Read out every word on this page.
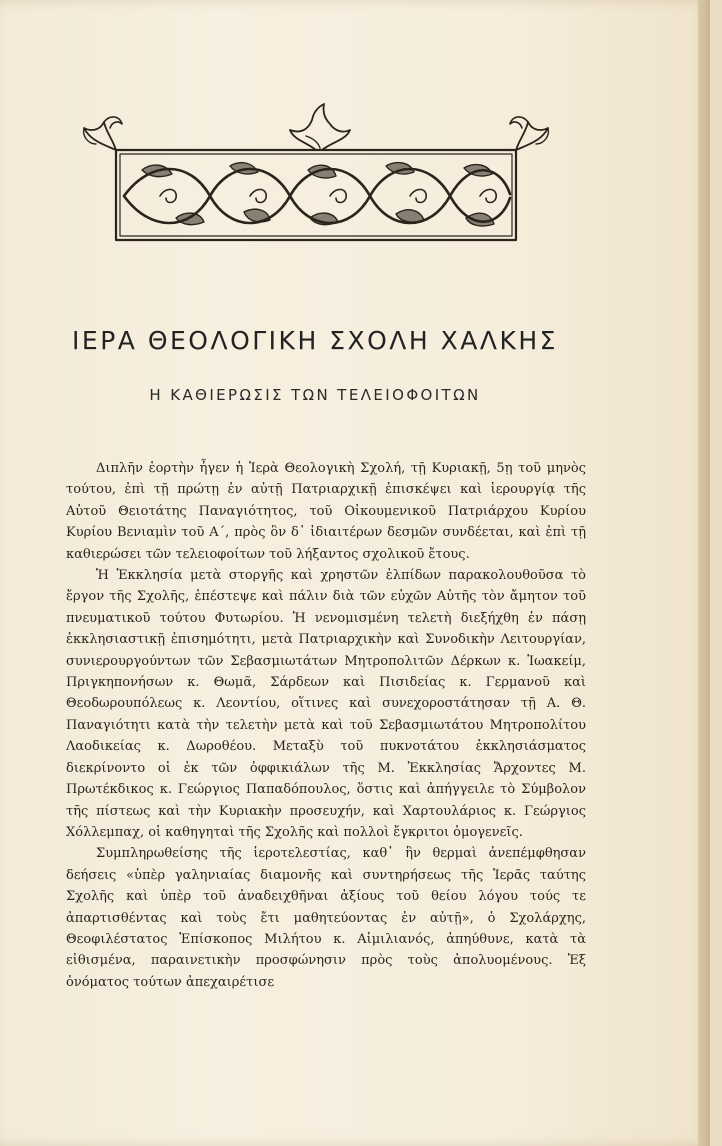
ΙΕΡΑ ΘΕΟΛΟΓΙΚΗ ΣΧΟΛΗ ΧΑΛΚΗΣ
Η ΚΑΘΙΕΡΩΣΙΣ ΤΩΝ ΤΕΛΕΙΟΦΟΙΤΩΝ

Διπλῆν ἑορτὴν ἦγεν ἡ Ἱερὰ Θεολογικὴ Σχολή, τῇ Κυριακῇ, 5ῃ τοῦ μηνὸς τούτου, ἐπὶ τῇ πρώτῃ ἐν αὐτῇ Πατριαρχικῇ ἐπισκέψει καὶ ἱερουργίᾳ τῆς Αὐτοῦ Θειοτάτης Παναγιότητος, τοῦ Οἰκουμενικοῦ Πατριάρχου Κυρίου Κυρίου Βενιαμὶν τοῦ Α΄, πρὸς ὃν δ᾽ ἰδιαιτέρων δεσμῶν συνδέεται, καὶ ἐπὶ τῇ καθιερώσει τῶν τελειοφοίτων τοῦ λήξαντος σχολικοῦ ἔτους.

Ἡ Ἐκκλησία μετὰ στοργῆς καὶ χρηστῶν ἐλπίδων παρακολουθοῦσα τὸ ἔργον τῆς Σχολῆς, ἐπέστεψε καὶ πάλιν διὰ τῶν εὐχῶν Αὐτῆς τὸν ἄμητον τοῦ πνευματικοῦ τούτου Φυτωρίου. Ἡ νενομισμένη τελετὴ διεξήχθη ἐν πάσῃ ἐκκλησιαστικῇ ἐπισημότητι, μετὰ Πατριαρχικὴν καὶ Συνοδικὴν Λειτουργίαν, συνιερουργούντων τῶν Σεβασμιωτάτων Μητροπολιτῶν Δέρκων κ. Ἰωακείμ, Πριγκηπονήσων κ. Θωμᾶ, Σάρδεων καὶ Πισιδείας κ. Γερμανοῦ καὶ Θεοδωρουπόλεως κ. Λεοντίου, οἵτινες καὶ συνεχοροστάτησαν τῇ Α. Θ. Παναγιότητι κατὰ τὴν τελετὴν μετὰ καὶ τοῦ Σεβασμιωτάτου Μητροπολίτου Λαοδικείας κ. Δωροθέου. Μεταξὺ τοῦ πυκνοτάτου ἐκκλησιάσματος διεκρίνοντο οἱ ἐκ τῶν ὀφφικιάλων τῆς Μ. Ἐκκλησίας Ἄρχοντες Μ. Πρωτέκδικος κ. Γεώργιος Παπαδόπουλος, ὅστις καὶ ἀπήγγειλε τὸ Σύμβολον τῆς πίστεως καὶ τὴν Κυριακὴν προσευχήν, καὶ Χαρτουλάριος κ. Γεώργιος Χόλλεμπαχ, οἱ καθηγηταὶ τῆς Σχολῆς καὶ πολλοὶ ἔγκριτοι ὁμογενεῖς.

Συμπληρωθείσης τῆς ἱεροτελεστίας, καθ᾽ ἣν θερμαὶ ἀνεπέμφθησαν δεήσεις «ὑπὲρ γαληνιαίας διαμονῆς καὶ συντηρήσεως τῆς Ἱερᾶς ταύτης Σχολῆς καὶ ὑπὲρ τοῦ ἀναδειχθῆναι ἀξίους τοῦ θείου λόγου τούς τε ἀπαρτισθέντας καὶ τοὺς ἔτι μαθητεύοντας ἐν αὐτῇ», ὁ Σχολάρχης, Θεοφιλέστατος Ἐπίσκοπος Μιλήτου κ. Αἰμιλιανός, ἀπηύθυνε, κατὰ τὰ εἰθισμένα, παραινετικὴν προσφώνησιν πρὸς τοὺς ἀπολυομένους. Ἐξ ὀνόματος τούτων ἀπεχαιρέτισε
